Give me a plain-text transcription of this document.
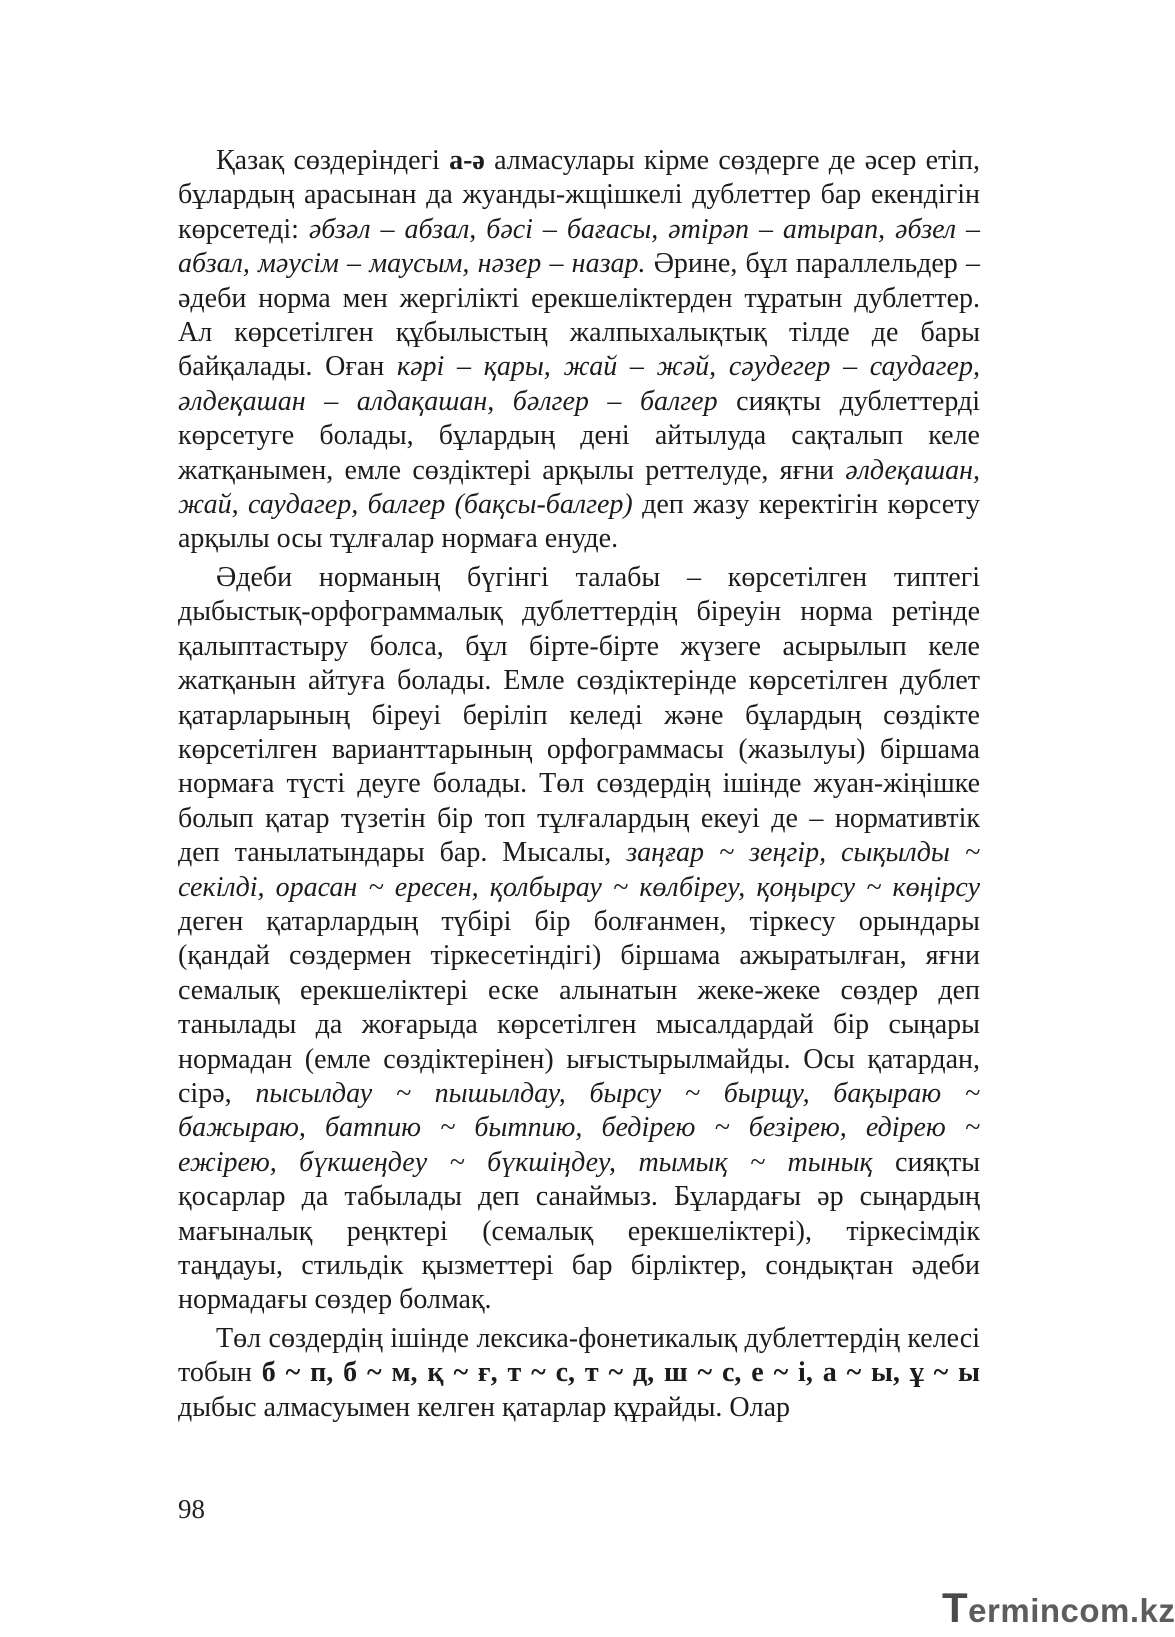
Қазақ сөздеріндегі а-ә алмасулары кірме сөздерге де әсер етіп, бұлардың арасынан да жуанды-жщішкелі дублеттер бар екендігін көрсетеді: әбзәл – абзал, бәсі – бағасы, әтірәп – атырап, әбзел – абзал, мәусім – маусым, нәзер – назар. Әрине, бұл параллельдер – әдеби норма мен жергілікті ерекшеліктерден тұратын дублеттер. Ал көрсетілген құбылыстың жалпыхалықтық тілде де бары байқалады. Оған кәрі – қары, жай – жәй, сәудегер – саудагер, әлдеқашан – алдақашан, бәлгер – балгер сияқты дублеттерді көрсетуге болады, бұлардың дені айтылуда сақталып келе жатқанымен, емле сөздіктері арқылы реттелуде, яғни әлдеқашан, жай, саудагер, балгер (бақсы-балгер) деп жазу керектігін көрсету арқылы осы тұлғалар нормаға енуде.

Әдеби норманың бүгінгі талабы – көрсетілген типтегі дыбыстық-орфограммалық дублеттердің біреуін норма ретінде қалыптастыру болса, бұл бірте-бірте жүзеге асырылып келе жатқанын айтуға болады. Емле сөздіктерінде көрсетілген дублет қатарларының біреуі беріліп келеді және бұлардың сөздікте көрсетілген варианттарының орфограммасы (жазылуы) біршама нормаға түсті деуге болады. Төл сөздердің ішінде жуан-жіңішке болып қатар түзетін бір топ тұлғалардың екеуі де – нормативтік деп танылатындары бар. Мысалы, заңғар ~ зеңгір, сықылды ~ секілді, орасан ~ ересен, қолбырау ~ көлбіреу, қоңырсу ~ көңірсу деген қатарлардың түбірі бір болғанмен, тіркесу орындары (қандай сөздермен тіркесетіндігі) біршама ажыратылған, яғни семалық ерекшеліктері еске алынатын жеке-жеке сөздер деп танылады да жоғарыда көрсетілген мысалдардай бір сыңары нормадан (емле сөздіктерінен) ығыстырылмайды. Осы қатардан, сірә, пысылдау ~ пышылдау, бырсу ~ бырщу, бақыраю ~ бажыраю, батпию ~ бытпию, бедірею ~ безірею, едірею ~ ежірею, бүкшеңдеу ~ бүкшіңдеу, тымық ~ тынық сияқты қосарлар да табылады деп санаймыз. Бұлардағы әр сыңардың мағыналық реңктері (семалық ерекшеліктері), тіркесімдік таңдауы, стильдік қызметтері бар бірліктер, сондықтан әдеби нормадағы сөздер болмақ.

Төл сөздердің ішінде лексика-фонетикалық дублеттердің келесі тобын б ~ п, б ~ м, қ ~ ғ, т ~ с, т ~ д, ш ~ с, е ~ і, а ~ ы, ұ ~ ы дыбыс алмасуымен келген қатарлар құрайды. Олар

98
Termincom.kz
